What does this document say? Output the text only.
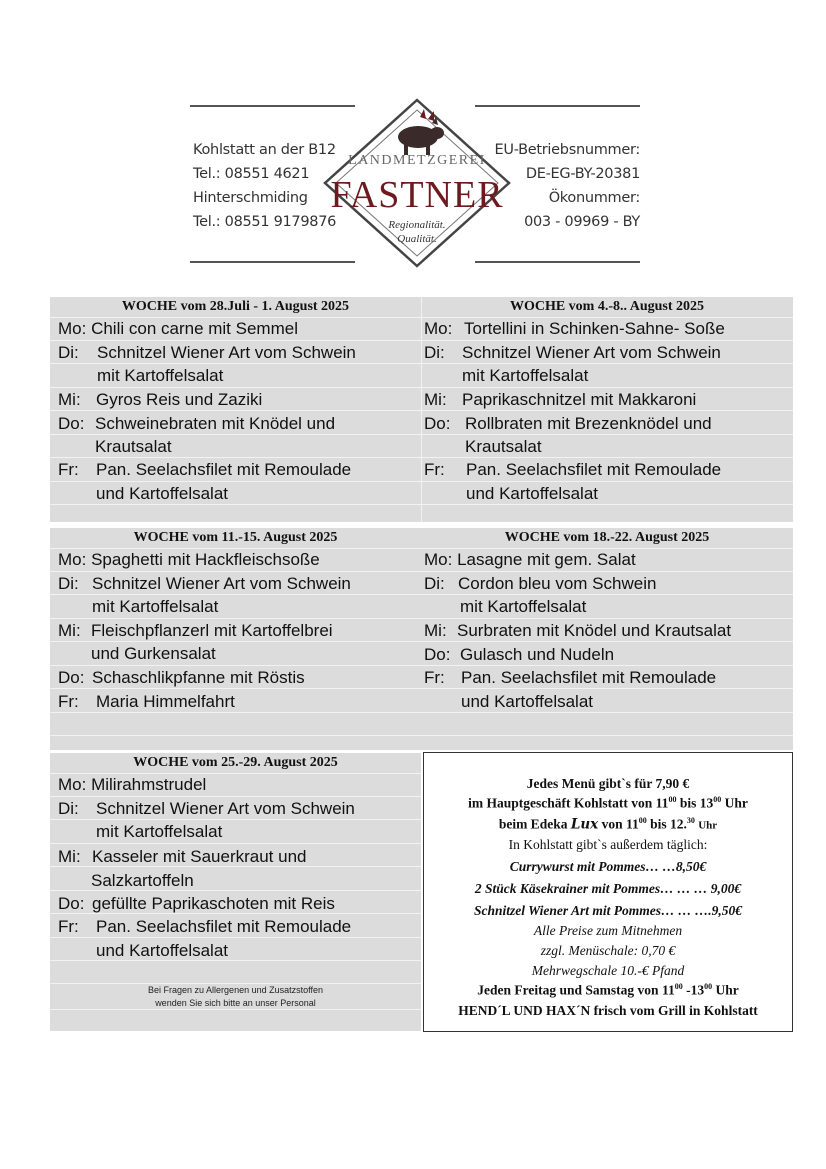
Kohlstatt an der B12
Tel.: 08551 4621
Hinterschmiding
Tel.: 08551 9179876
EU-Betriebsnummer:
DE-EG-BY-20381
Ökonummer:
003 - 09969 - BY
LANDMETZGEREI
FASTNER
Regionalität.
Qualität.
WOCHE vom 28.Juli - 1. August 2025
Mo: Chili con carne mit Semmel
Di: Schnitzel Wiener Art vom Schwein
mit Kartoffelsalat
Mi: Gyros Reis und Zaziki
Do: Schweinebraten mit Knödel und
Krautsalat
Fr: Pan. Seelachsfilet mit Remoulade
und Kartoffelsalat
WOCHE vom 4.-8.. August 2025
Mo: Tortellini in Schinken-Sahne- Soße
Di: Schnitzel Wiener Art vom Schwein
mit Kartoffelsalat
Mi: Paprikaschnitzel mit Makkaroni
Do: Rollbraten mit Brezenknödel und
Krautsalat
Fr: Pan. Seelachsfilet mit Remoulade
und Kartoffelsalat
WOCHE vom 11.-15. August 2025
Mo: Spaghetti mit Hackfleischsoße
Di: Schnitzel Wiener Art vom Schwein
mit Kartoffelsalat
Mi: Fleischpflanzerl mit Kartoffelbrei
und Gurkensalat
Do: Schaschlikpfanne mit Röstis
Fr: Maria Himmelfahrt
WOCHE vom 18.-22. August 2025
Mo: Lasagne mit gem. Salat
Di: Cordon bleu vom Schwein
mit Kartoffelsalat
Mi: Surbraten mit Knödel und Krautsalat
Do: Gulasch und Nudeln
Fr: Pan. Seelachsfilet mit Remoulade
und Kartoffelsalat
WOCHE vom 25.-29. August 2025
Mo: Milirahmstrudel
Di: Schnitzel Wiener Art vom Schwein
mit Kartoffelsalat
Mi: Kasseler mit Sauerkraut und
Salzkartoffeln
Do: gefüllte Paprikaschoten mit Reis
Fr: Pan. Seelachsfilet mit Remoulade
und Kartoffelsalat
Bei Fragen zu Allergenen und Zusatzstoffen
wenden Sie sich bitte an unser Personal
Jedes Menü gibt`s für 7,90 €
im Hauptgeschäft Kohlstatt von $11^{00}$ bis $13^{00}$ Uhr
beim Edeka Lux von $11^{00}$ bis 12.30 Uhr
In Kohlstatt gibt`s außerdem täglich:
Currywurst mit Pommes… …8,50€
2 Stück Käsekrainer mit Pommes… … … 9,00€
Schnitzel Wiener Art mit Pommes… … ….9,50€
Alle Preise zum Mitnehmen
zzgl. Menüschale: 0,70 €
Mehrwegschale 10.-€ Pfand
Jeden Freitag und Samstag von $11^{00}$ $-13^{00}$ Uhr
HEND´L UND HAX´N frisch vom Grill in Kohlstatt
